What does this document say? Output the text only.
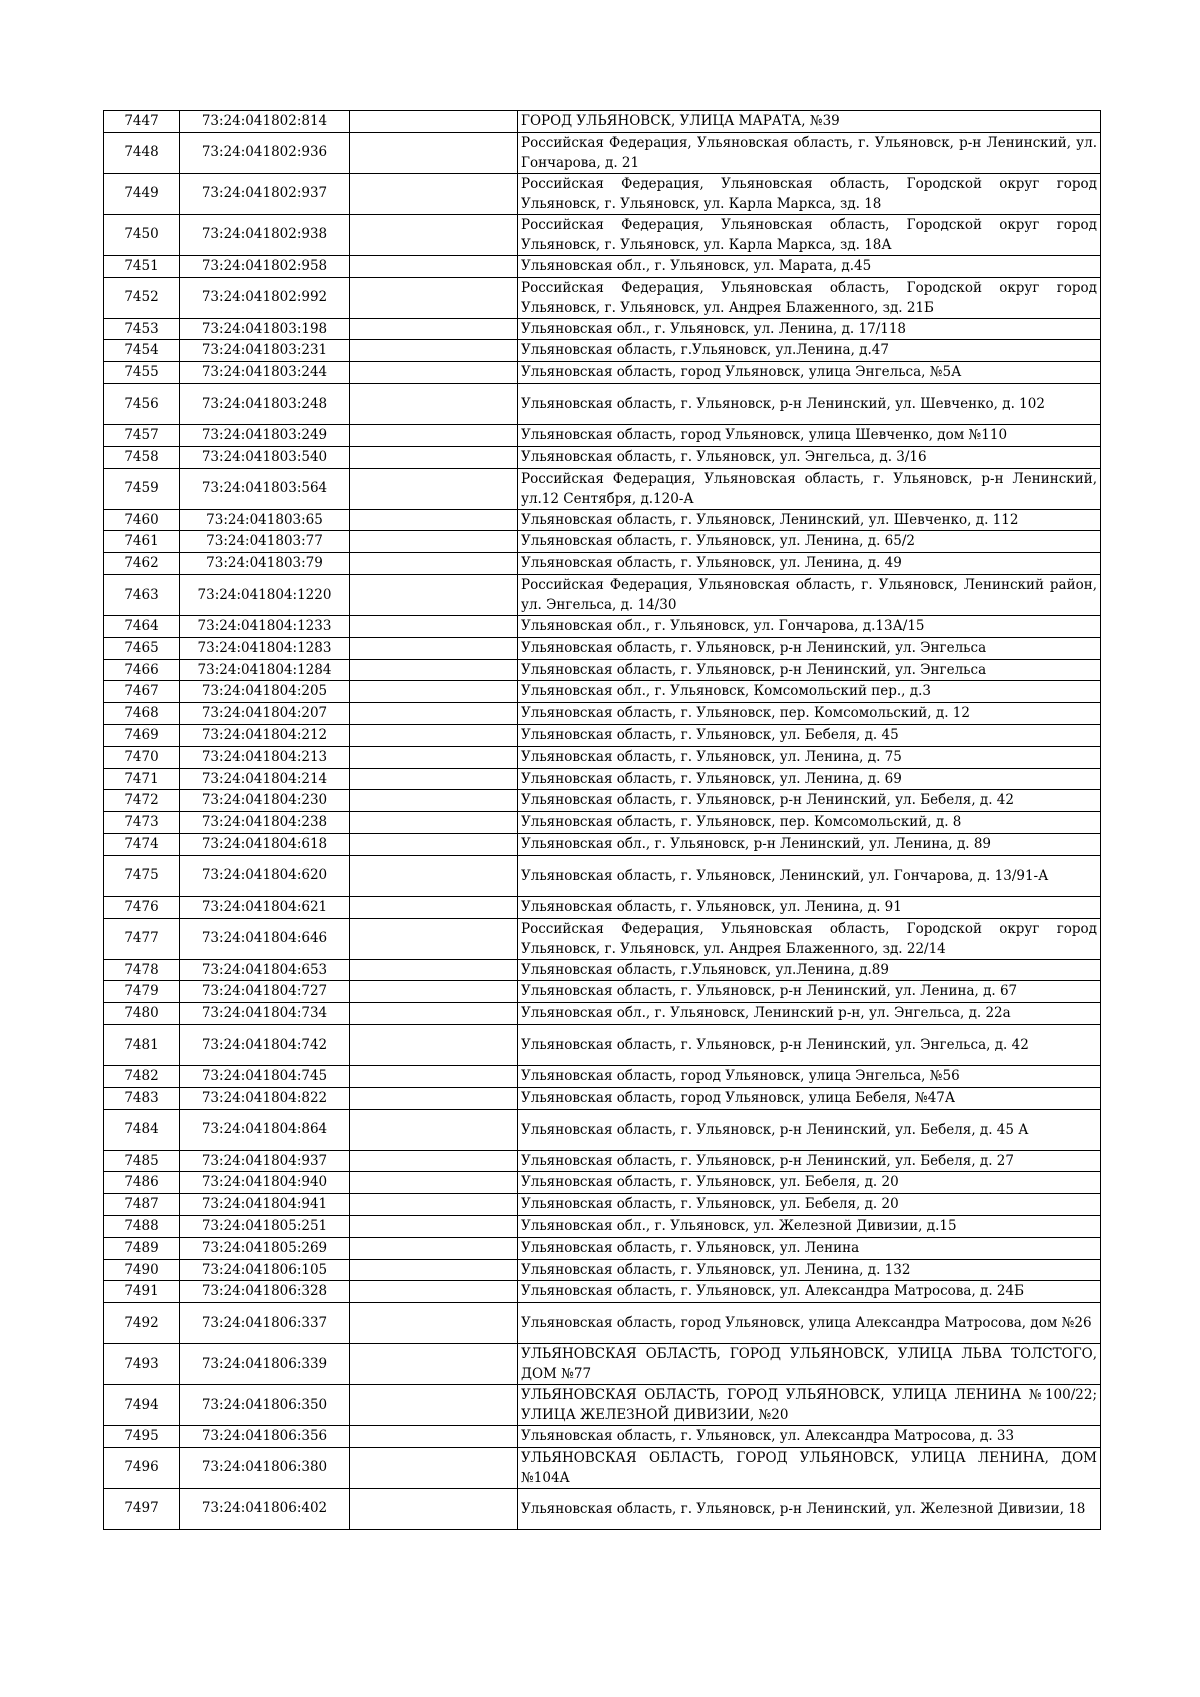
7447	73:24:041802:814		ГОРОД УЛЬЯНОВСК, УЛИЦА МАРАТА, №39
7448	73:24:041802:936		Российская Федерация, Ульяновская область, г. Ульяновск, р-н Ленинский, ул. Гончарова, д. 21
7449	73:24:041802:937		Российская Федерация, Ульяновская область, Городской округ город Ульяновск, г. Ульяновск, ул. Карла Маркса, зд. 18
7450	73:24:041802:938		Российская Федерация, Ульяновская область, Городской округ город Ульяновск, г. Ульяновск, ул. Карла Маркса, зд. 18А
7451	73:24:041802:958		Ульяновская обл., г. Ульяновск, ул. Марата, д.45
7452	73:24:041802:992		Российская Федерация, Ульяновская область, Городской округ город Ульяновск, г. Ульяновск, ул. Андрея Блаженного, зд. 21Б
7453	73:24:041803:198		Ульяновская обл., г. Ульяновск, ул. Ленина, д. 17/118
7454	73:24:041803:231		Ульяновская область, г.Ульяновск, ул.Ленина, д.47
7455	73:24:041803:244		Ульяновская область, город Ульяновск, улица Энгельса, №5А
7456	73:24:041803:248		Ульяновская область, г. Ульяновск, р-н Ленинский, ул. Шевченко, д. 102
7457	73:24:041803:249		Ульяновская область, город Ульяновск, улица Шевченко, дом №110
7458	73:24:041803:540		Ульяновская область, г. Ульяновск, ул. Энгельса, д. 3/16
7459	73:24:041803:564		Российская Федерация, Ульяновская область, г. Ульяновск, р-н Ленинский, ул.12 Сентября, д.120-А
7460	73:24:041803:65		Ульяновская область, г. Ульяновск, Ленинский, ул. Шевченко, д. 112
7461	73:24:041803:77		Ульяновская область, г. Ульяновск, ул. Ленина, д. 65/2
7462	73:24:041803:79		Ульяновская область, г. Ульяновск, ул. Ленина, д. 49
7463	73:24:041804:1220		Российская Федерация, Ульяновская область, г. Ульяновск, Ленинский район, ул. Энгельса, д. 14/30
7464	73:24:041804:1233		Ульяновская обл., г. Ульяновск, ул. Гончарова, д.13А/15
7465	73:24:041804:1283		Ульяновская область, г. Ульяновск, р-н Ленинский, ул. Энгельса
7466	73:24:041804:1284		Ульяновская область, г. Ульяновск, р-н Ленинский, ул. Энгельса
7467	73:24:041804:205		Ульяновская обл., г. Ульяновск, Комсомольский пер., д.3
7468	73:24:041804:207		Ульяновская область, г. Ульяновск, пер. Комсомольский, д. 12
7469	73:24:041804:212		Ульяновская область, г. Ульяновск, ул. Бебеля, д. 45
7470	73:24:041804:213		Ульяновская область, г. Ульяновск, ул. Ленина, д. 75
7471	73:24:041804:214		Ульяновская область, г. Ульяновск, ул. Ленина, д. 69
7472	73:24:041804:230		Ульяновская область, г. Ульяновск, р-н Ленинский, ул. Бебеля, д. 42
7473	73:24:041804:238		Ульяновская область, г. Ульяновск, пер. Комсомольский, д. 8
7474	73:24:041804:618		Ульяновская обл., г. Ульяновск, р-н Ленинский, ул. Ленина, д. 89
7475	73:24:041804:620		Ульяновская область, г. Ульяновск, Ленинский, ул. Гончарова, д. 13/91-А
7476	73:24:041804:621		Ульяновская область, г. Ульяновск, ул. Ленина, д. 91
7477	73:24:041804:646		Российская Федерация, Ульяновская область, Городской округ город Ульяновск, г. Ульяновск, ул. Андрея Блаженного, зд. 22/14
7478	73:24:041804:653		Ульяновская область, г.Ульяновск, ул.Ленина, д.89
7479	73:24:041804:727		Ульяновская область, г. Ульяновск, р-н Ленинский, ул. Ленина, д. 67
7480	73:24:041804:734		Ульяновская обл., г. Ульяновск, Ленинский р-н, ул. Энгельса, д. 22а
7481	73:24:041804:742		Ульяновская область, г. Ульяновск, р-н Ленинский, ул. Энгельса, д. 42
7482	73:24:041804:745		Ульяновская область, город Ульяновск, улица Энгельса, №56
7483	73:24:041804:822		Ульяновская область, город Ульяновск, улица Бебеля, №47А
7484	73:24:041804:864		Ульяновская область, г. Ульяновск, р-н Ленинский, ул. Бебеля, д. 45 А
7485	73:24:041804:937		Ульяновская область, г. Ульяновск, р-н Ленинский, ул. Бебеля, д. 27
7486	73:24:041804:940		Ульяновская область, г. Ульяновск, ул. Бебеля, д. 20
7487	73:24:041804:941		Ульяновская область, г. Ульяновск, ул. Бебеля, д. 20
7488	73:24:041805:251		Ульяновская обл., г. Ульяновск, ул. Железной Дивизии, д.15
7489	73:24:041805:269		Ульяновская область, г. Ульяновск, ул. Ленина
7490	73:24:041806:105		Ульяновская область, г. Ульяновск, ул. Ленина, д. 132
7491	73:24:041806:328		Ульяновская область, г. Ульяновск, ул. Александра Матросова, д. 24Б
7492	73:24:041806:337		Ульяновская область, город Ульяновск, улица Александра Матросова, дом №26
7493	73:24:041806:339		УЛЬЯНОВСКАЯ ОБЛАСТЬ, ГОРОД УЛЬЯНОВСК, УЛИЦА ЛЬВА ТОЛСТОГО, ДОМ №77
7494	73:24:041806:350		УЛЬЯНОВСКАЯ ОБЛАСТЬ, ГОРОД УЛЬЯНОВСК, УЛИЦА ЛЕНИНА №100/22; УЛИЦА ЖЕЛЕЗНОЙ ДИВИЗИИ, №20
7495	73:24:041806:356		Ульяновская область, г. Ульяновск, ул. Александра Матросова, д. 33
7496	73:24:041806:380		УЛЬЯНОВСКАЯ ОБЛАСТЬ, ГОРОД УЛЬЯНОВСК, УЛИЦА ЛЕНИНА, ДОМ №104А
7497	73:24:041806:402		Ульяновская область, г. Ульяновск, р-н Ленинский, ул. Железной Дивизии, 18
